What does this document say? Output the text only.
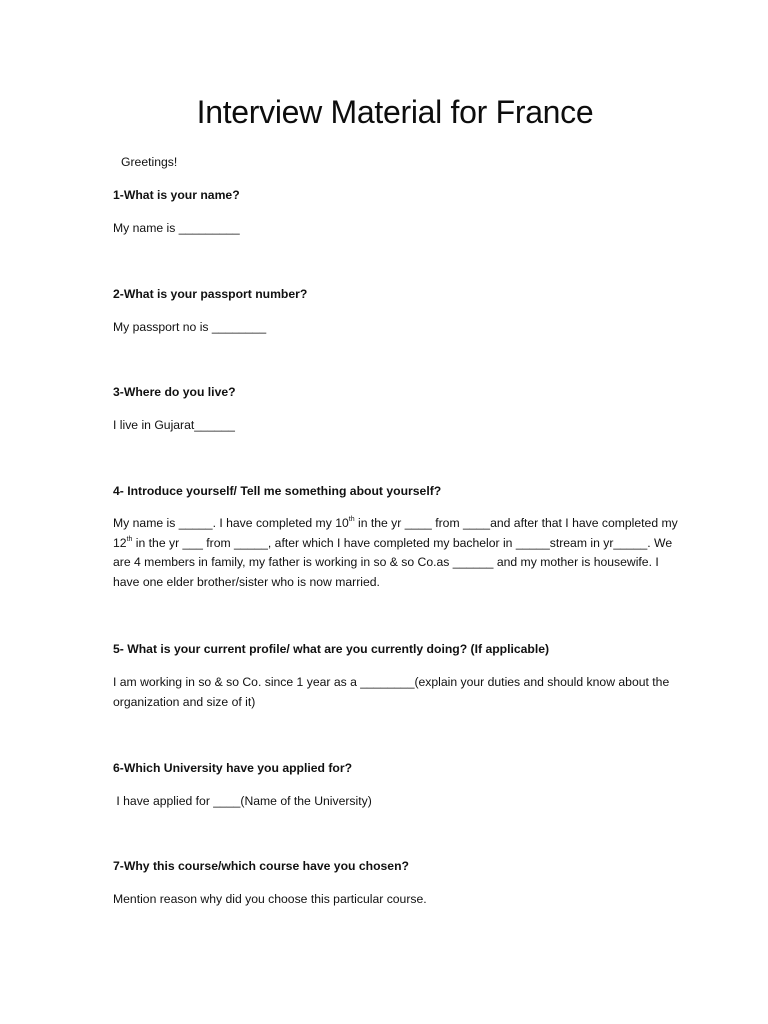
Interview Material for France
Greetings!
1-What is your name?
My name is _________
2-What is your passport number?
My passport no is ________
3-Where do you live?
I live in Gujarat______
4- Introduce yourself/ Tell me something about yourself?
My name is _____. I have completed my 10th in the yr ____ from ____and after that I have completed my 12th in the yr ___ from _____, after which I have completed my bachelor in _____stream in yr_____. We are 4 members in family, my father is working in so & so Co.as ______ and my mother is housewife. I have one elder brother/sister who is now married.
5- What is your current profile/ what are you currently doing? (If applicable)
I am working in so & so Co. since 1 year as a ________(explain your duties and should know about the organization and size of it)
6-Which University have you applied for?
I have applied for ____(Name of the University)
7-Why this course/which course have you chosen?
Mention reason why did you choose this particular course.
